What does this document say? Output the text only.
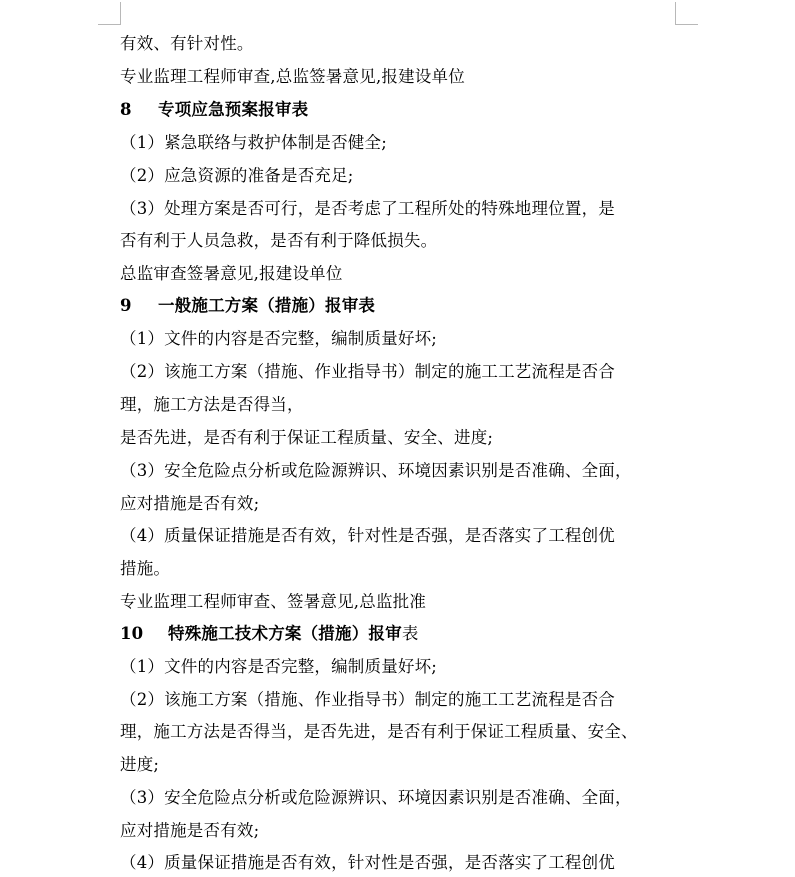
有效、有针对性。
专业监理工程师审查,总监签暑意见,报建设单位
8 专项应急预案报审表
（1）紧急联络与救护体制是否健全;
（2）应急资源的准备是否充足;
（3）处理方案是否可行，是否考虑了工程所处的特殊地理位置，是
否有利于人员急救，是否有利于降低损失。
总监审查签暑意见,报建设单位
9 一般施工方案（措施）报审表
（1）文件的内容是否完整，编制质量好坏;
（2）该施工方案（措施、作业指导书）制定的施工工艺流程是否合
理，施工方法是否得当，
是否先进，是否有利于保证工程质量、安全、进度;
（3）安全危险点分析或危险源辨识、环境因素识别是否准确、全面，
应对措施是否有效;
（4）质量保证措施是否有效，针对性是否强，是否落实了工程创优
措施。
专业监理工程师审查、签暑意见,总监批准
10 特殊施工技术方案（措施）报审表
（1）文件的内容是否完整，编制质量好坏;
（2）该施工方案（措施、作业指导书）制定的施工工艺流程是否合
理，施工方法是否得当，是否先进，是否有利于保证工程质量、安全、
进度;
（3）安全危险点分析或危险源辨识、环境因素识别是否准确、全面，
应对措施是否有效;
（4）质量保证措施是否有效，针对性是否强，是否落实了工程创优
